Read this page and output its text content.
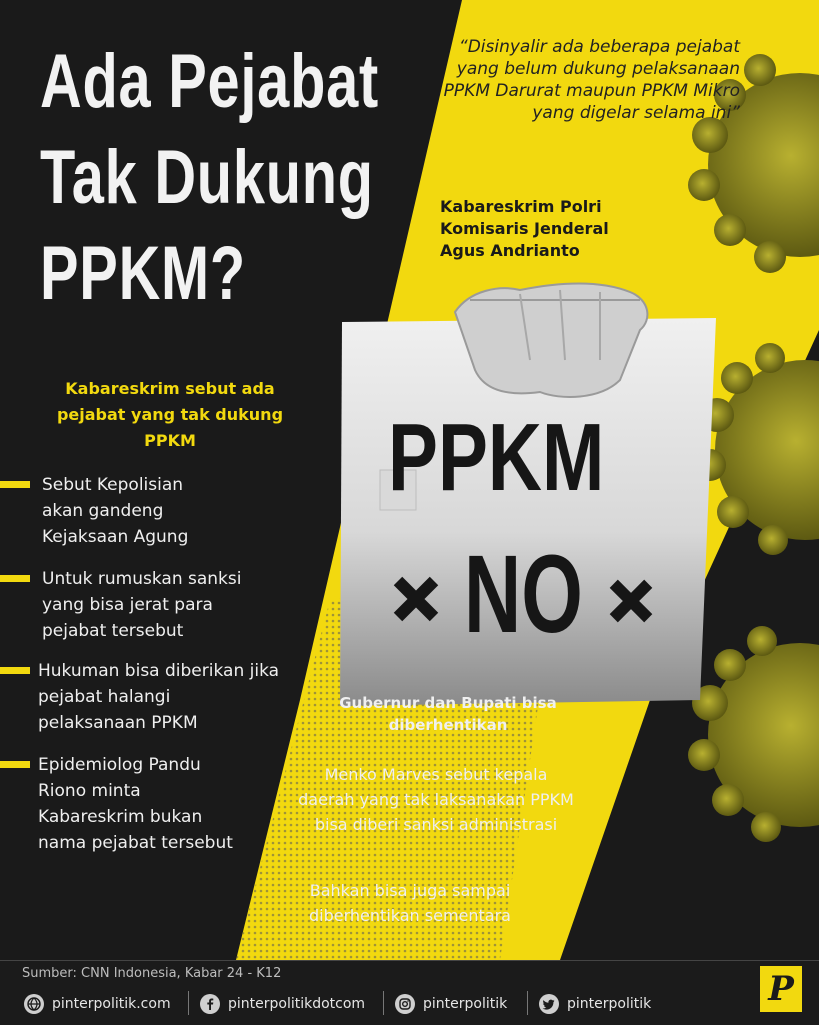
Ada Pejabat
Tak Dukung
PPKM?
“Disinyalir ada beberapa pejabat yang belum dukung pelaksanaan PPKM Darurat maupun PPKM Mikro yang digelar selama ini”
Kabareskrim Polri
Komisaris Jenderal
Agus Andrianto
PPKM
NO
Kabareskrim sebut ada pejabat yang tak dukung PPKM
Sebut Kepolisian akan gandeng Kejaksaan Agung
Untuk rumuskan sanksi yang bisa jerat para pejabat tersebut
Hukuman bisa diberikan jika pejabat halangi pelaksanaan PPKM
Epidemiolog Pandu Riono minta Kabareskrim bukan nama pejabat tersebut
Gubernur dan Bupati bisa diberhentikan
Menko Marves sebut kepala daerah yang tak laksanakan PPKM bisa diberi sanksi administrasi
Bahkan bisa juga sampai diberhentikan sementara
Sumber: CNN Indonesia, Kabar 24 - K12
pinterpolitik.com	pinterpolitikdotcom	pinterpolitik	pinterpolitik	P
